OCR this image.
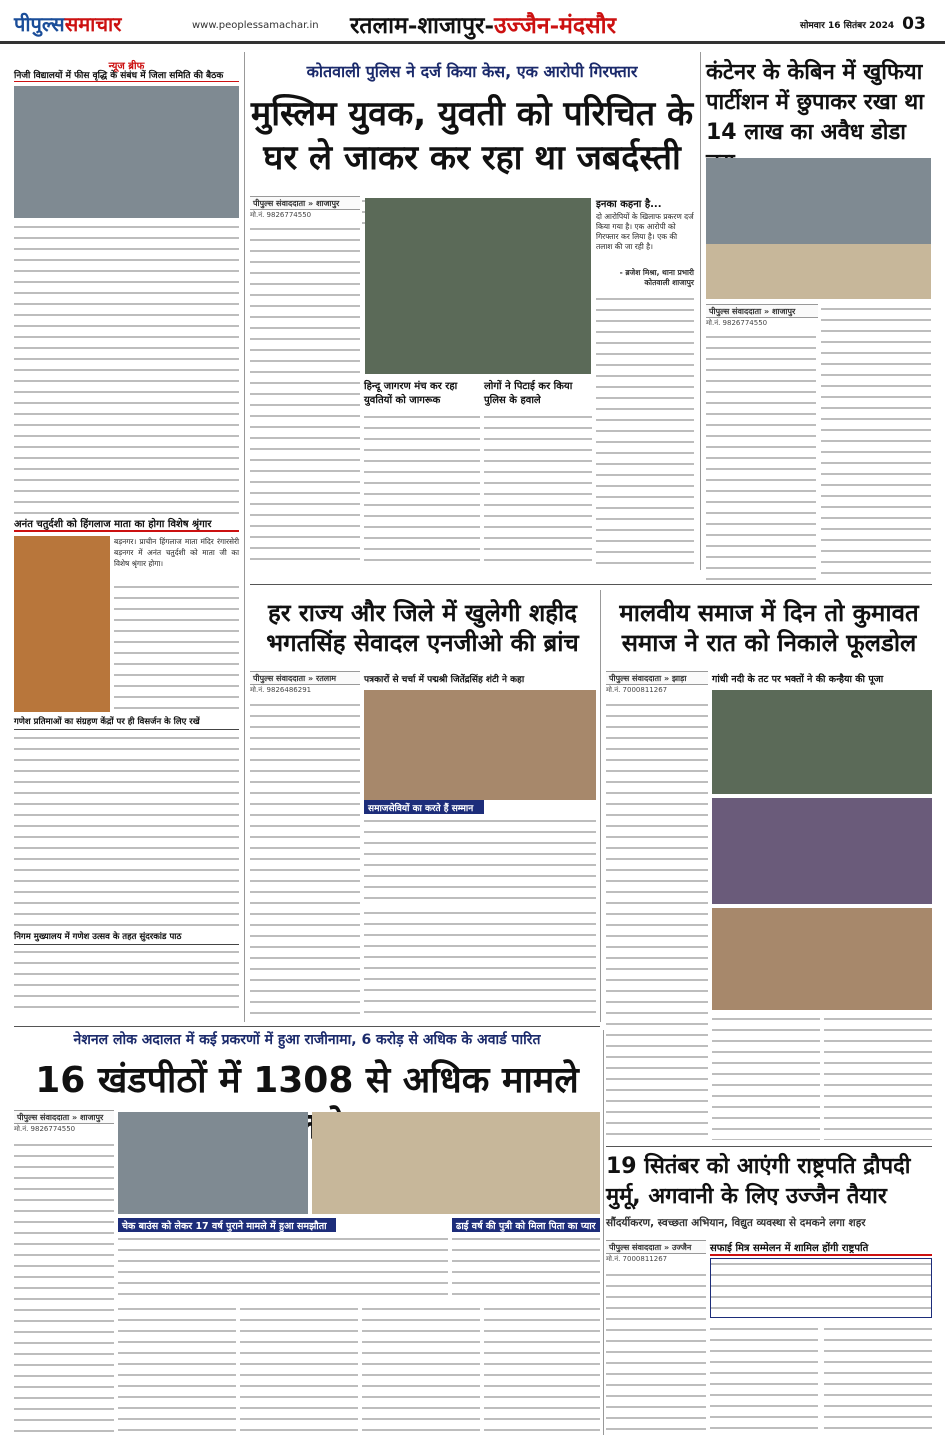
पीपुल्ससमाचार	www.peoplessamachar.in रतलाम-शाजापुर-उज्जैन-मंदसौर	सोमवार 16 सितंबर 2024 03
न्यूज ब्रीफ
निजी विद्यालयों में फीस वृद्धि के संबंध में जिला समिति की बैठक
अनंत चतुर्दशी को हिंगलाज माता का होगा विशेष श्रृंगार
बड़नगर। प्राचीन हिंगलाज माता मंदिर रंगारसेरी बड़नगर में अनंत चतुर्दशी को माता जी का विशेष श्रृंगार होगा।
गणेश प्रतिमाओं का संग्रहण केंद्रों पर ही विसर्जन के लिए रखें
निगम मुख्यालय में गणेश उत्सव के तहत सुंदरकांड पाठ
कोतवाली पुलिस ने दर्ज किया केस, एक आरोपी गिरफ्तार
मुस्लिम युवक, युवती को परिचित के घर ले जाकर कर रहा था जबर्दस्ती
पीपुल्स संवाददाता » शाजापुर
मो.नं. 9826774550
हिन्दू जागरण मंच कर रहा युवतियों को जागरूक
लोगों ने पिटाई कर किया पुलिस के हवाले
इनका कहना है...
दो आरोपियों के खिलाफ प्रकरण दर्ज किया गया है। एक आरोपी को गिरफ्तार कर लिया है। एक की तलाश की जा रही है।
- ब्रजेश मिश्रा, थाना प्रभारी कोतवाली शाजापुर
कंटेनर के केबिन में खुफिया पार्टीशन में छुपाकर रखा था 14 लाख का अवैध डोडा
पीपुल्स संवाददाता » शाजापुर
मो.नं. 9826774550
हर राज्य और जिले में खुलेगी शहीद भगतसिंह सेवादल एनजीओ की ब्रांच
पीपुल्स संवाददाता » रतलाम
मो.नं. 9826486291
पत्रकारों से चर्चा में पद्मश्री जितेंद्रसिंह शंटी ने कहा
समाजसेवियों का करते हैं सम्मान
मालवीय समाज में दिन तो कुमावत समाज ने रात को निकाले फूलडोल
पीपुल्स संवाददाता » झाड़ा
मो.नं. 7000811267
गांधी नदी के तट पर भक्तों ने की कन्हैया की पूजा
नेशनल लोक अदालत में कई प्रकरणों में हुआ राजीनामा, 6 करोड़ से अधिक के अवार्ड पारित
16 खंडपीठों में 1308 से अधिक मामले
पीपुल्स संवाददाता » शाजापुर
मो.नं. 9826774550
चेक बाउंस को लेकर 17 वर्ष पुराने मामले में हुआ समझौता	ढाई वर्ष की पुत्री को मिला पिता का प्यार
19 सितंबर को आएंगी राष्ट्रपति द्रौपदी मुर्मू, अगवानी के लिए उज्जैन तैयार
सौंदर्यीकरण, स्वच्छता अभियान, विद्युत व्यवस्था से दमकने लगा शहर
पीपुल्स संवाददाता » उज्जैन
मो.नं. 7000811267
सफाई मित्र सम्मेलन में शामिल होंगी राष्ट्रपति
